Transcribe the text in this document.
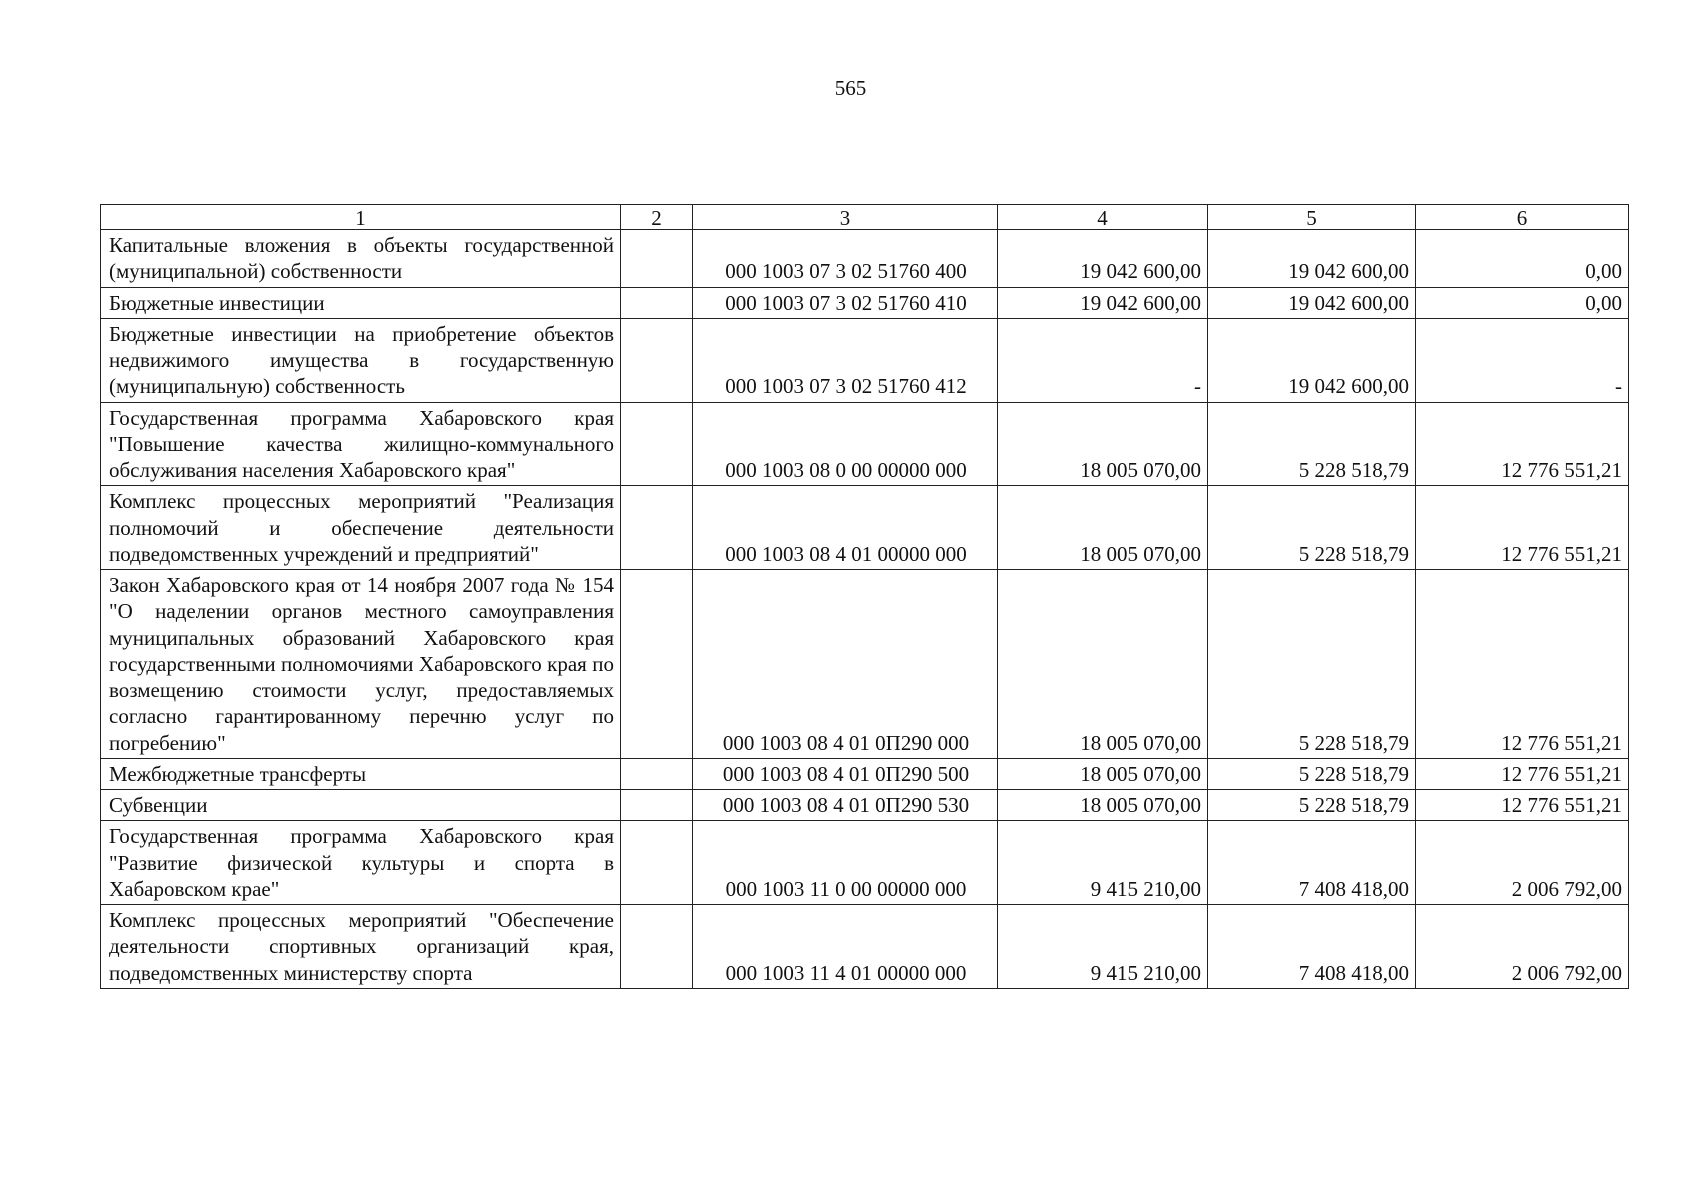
565
1	2	3	4	5	6
Капитальные вложения в объекты государственной (муниципальной) собственности		000 1003 07 3 02 51760 400	19 042 600,00	19 042 600,00	0,00
Бюджетные инвестиции		000 1003 07 3 02 51760 410	19 042 600,00	19 042 600,00	0,00
Бюджетные инвестиции на приобретение объектов недвижимого имущества в государственную (муниципальную) собственность		000 1003 07 3 02 51760 412	-	19 042 600,00	-
Государственная программа Хабаровского края "Повышение качества жилищно-коммунального обслуживания населения Хабаровского края"		000 1003 08 0 00 00000 000	18 005 070,00	5 228 518,79	12 776 551,21
Комплекс процессных мероприятий "Реализация полномочий и обеспечение деятельности подведомственных учреждений и предприятий"		000 1003 08 4 01 00000 000	18 005 070,00	5 228 518,79	12 776 551,21
Закон Хабаровского края от 14 ноября 2007 года № 154 "О наделении органов местного самоуправления муниципальных образований Хабаровского края государственными полномочиями Хабаровского края по возмещению стоимости услуг, предоставляемых согласно гарантированному перечню услуг по погребению"		000 1003 08 4 01 0П290 000	18 005 070,00	5 228 518,79	12 776 551,21
Межбюджетные трансферты		000 1003 08 4 01 0П290 500	18 005 070,00	5 228 518,79	12 776 551,21
Субвенции		000 1003 08 4 01 0П290 530	18 005 070,00	5 228 518,79	12 776 551,21
Государственная программа Хабаровского края "Развитие физической культуры и спорта в Хабаровском крае"		000 1003 11 0 00 00000 000	9 415 210,00	7 408 418,00	2 006 792,00
Комплекс процессных мероприятий "Обеспечение деятельности спортивных организаций края, подведомственных министерству спорта		000 1003 11 4 01 00000 000	9 415 210,00	7 408 418,00	2 006 792,00
